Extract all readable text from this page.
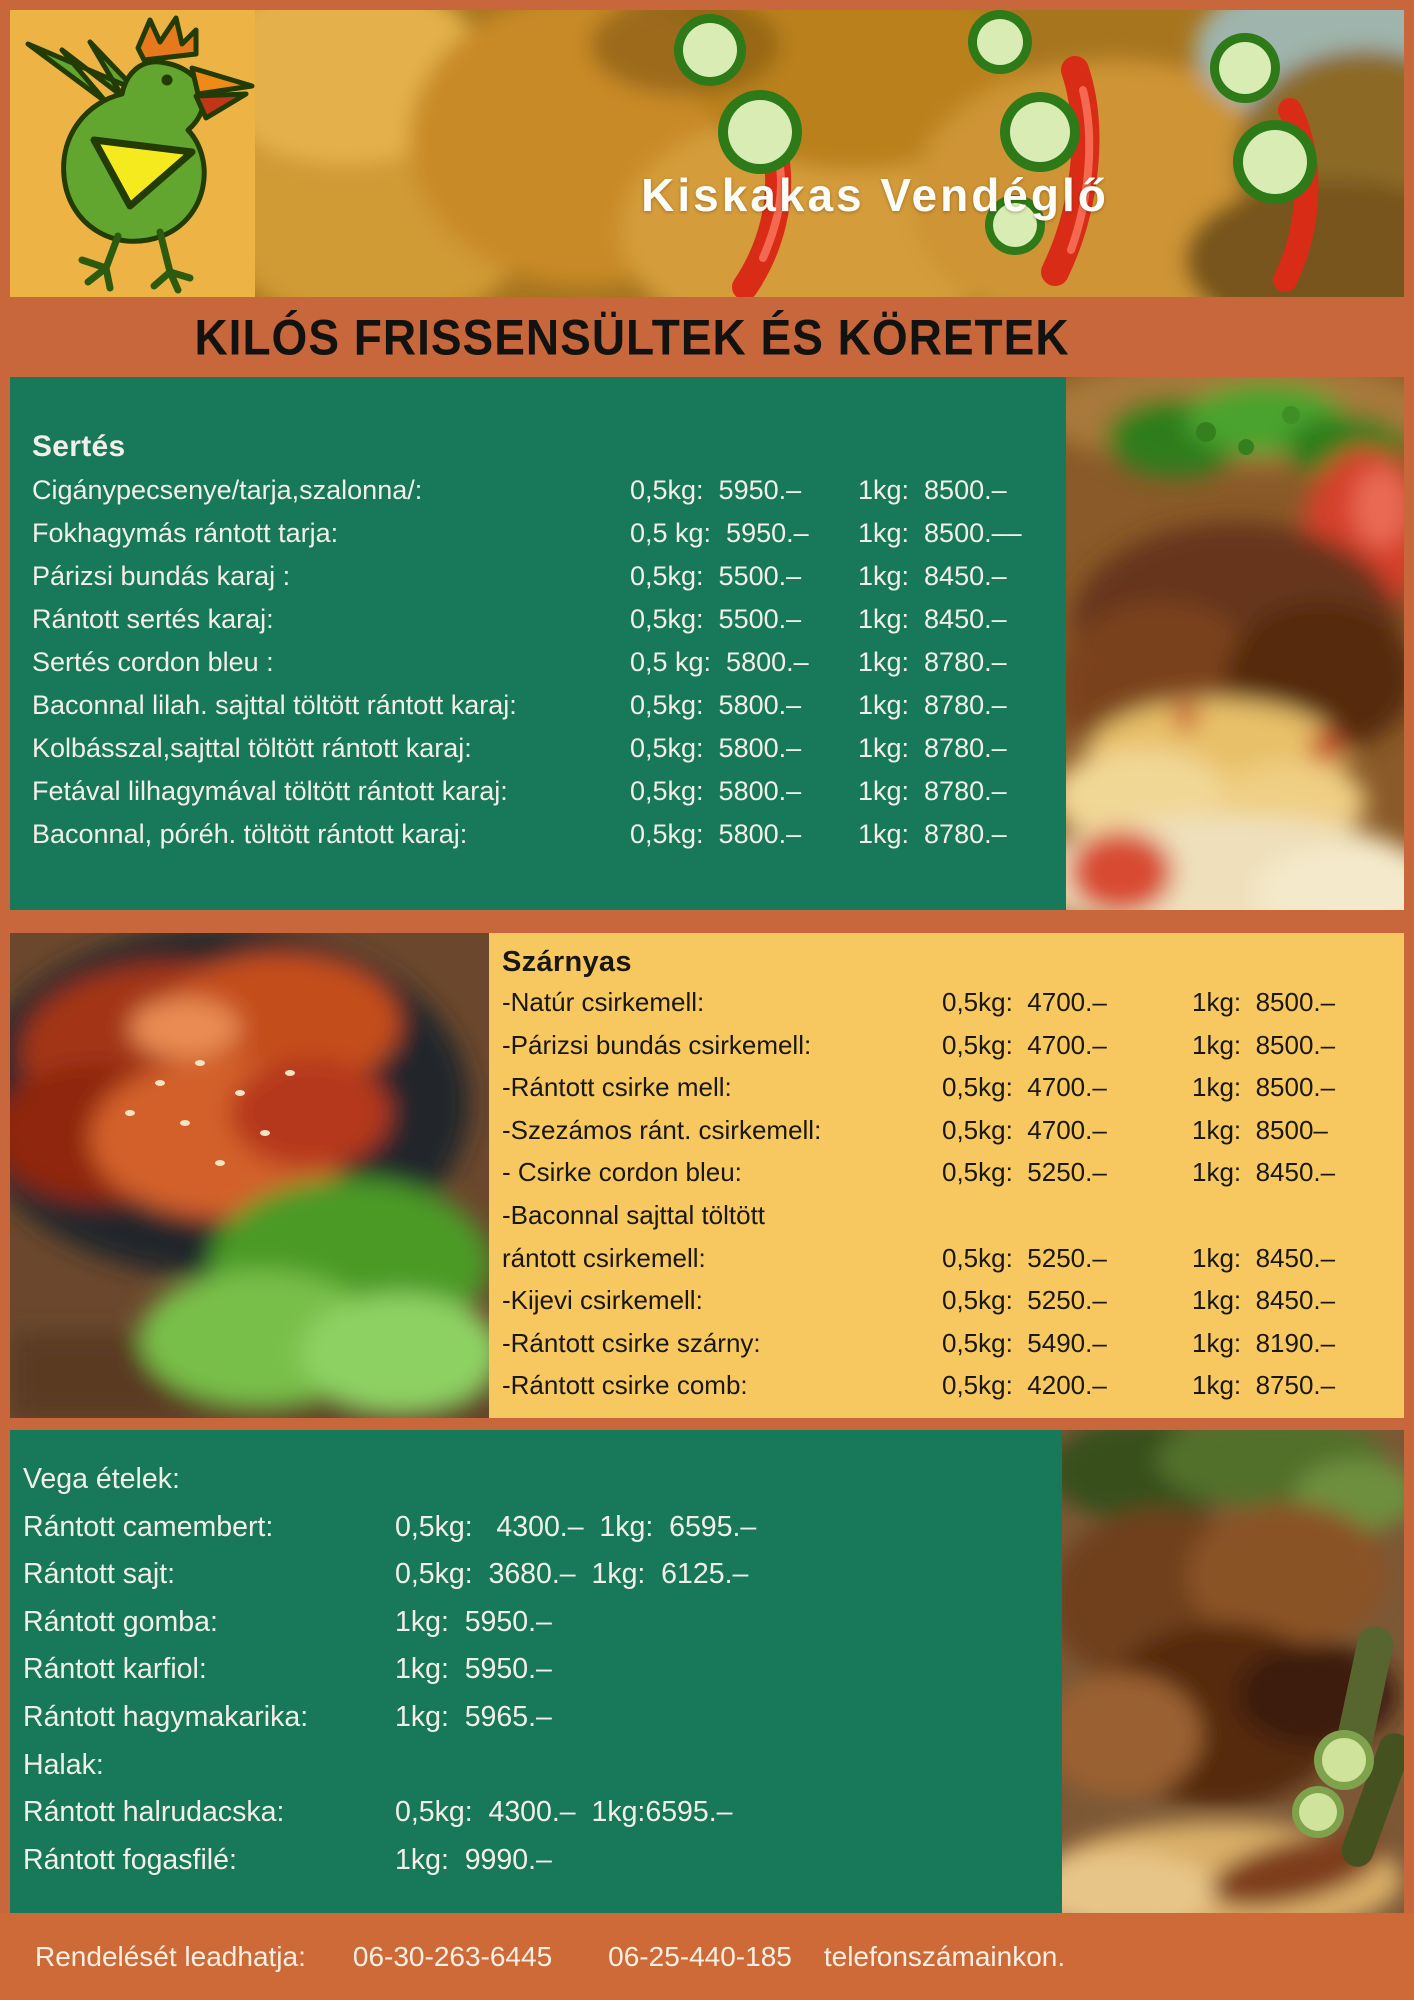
Kiskakas Vendéglő
KILÓS FRISSENSÜLTEK ÉS KÖRETEK
Sertés
Cigánypecsenye/tarja,szalonna/:	0,5kg:  5950.–	1kg:  8500.–
Fokhagymás rántott tarja:	0,5 kg:  5950.–	1kg:  8500.––
Párizsi bundás karaj :	0,5kg:  5500.–	1kg:  8450.–
Rántott sertés karaj:	0,5kg:  5500.–	1kg:  8450.–
Sertés cordon bleu :	0,5 kg:  5800.–	1kg:  8780.–
Baconnal lilah. sajttal töltött rántott karaj:	0,5kg:  5800.–	1kg:  8780.–
Kolbásszal,sajttal töltött rántott karaj:	0,5kg:  5800.–	1kg:  8780.–
Fetával lilhagymával töltött rántott karaj:	0,5kg:  5800.–	1kg:  8780.–
Baconnal, póréh. töltött rántott karaj:	0,5kg:  5800.–	1kg:  8780.–
Szárnyas
-Natúr csirkemell:	0,5kg:  4700.–	1kg:  8500.–
-Párizsi bundás csirkemell:	0,5kg:  4700.–	1kg:  8500.–
-Rántott csirke mell:	0,5kg:  4700.–	1kg:  8500.–
-Szezámos ránt. csirkemell:	0,5kg:  4700.–	1kg:  8500–
- Csirke cordon bleu:	0,5kg:  5250.–	1kg:  8450.–
-Baconnal sajttal töltött
rántott csirkemell:	0,5kg:  5250.–	1kg:  8450.–
-Kijevi csirkemell:	0,5kg:  5250.–	1kg:  8450.–
-Rántott csirke szárny:	0,5kg:  5490.–	1kg:  8190.–
-Rántott csirke comb:	0,5kg:  4200.–	1kg:  8750.–
Vega ételek:
Rántott camembert:	0,5kg:   4300.–  1kg:  6595.–
Rántott sajt:	0,5kg:  3680.–  1kg:  6125.–
Rántott gomba:	1kg:  5950.–
Rántott karfiol:	1kg:  5950.–
Rántott hagymakarika:	1kg:  5965.–
Halak:
Rántott halrudacska:	0,5kg:  4300.–  1kg:6595.–
Rántott fogasfilé:	1kg:  9990.–
Rendelését leadhatja: 06-30-263-6445 06-25-440-185 telefonszámainkon.
